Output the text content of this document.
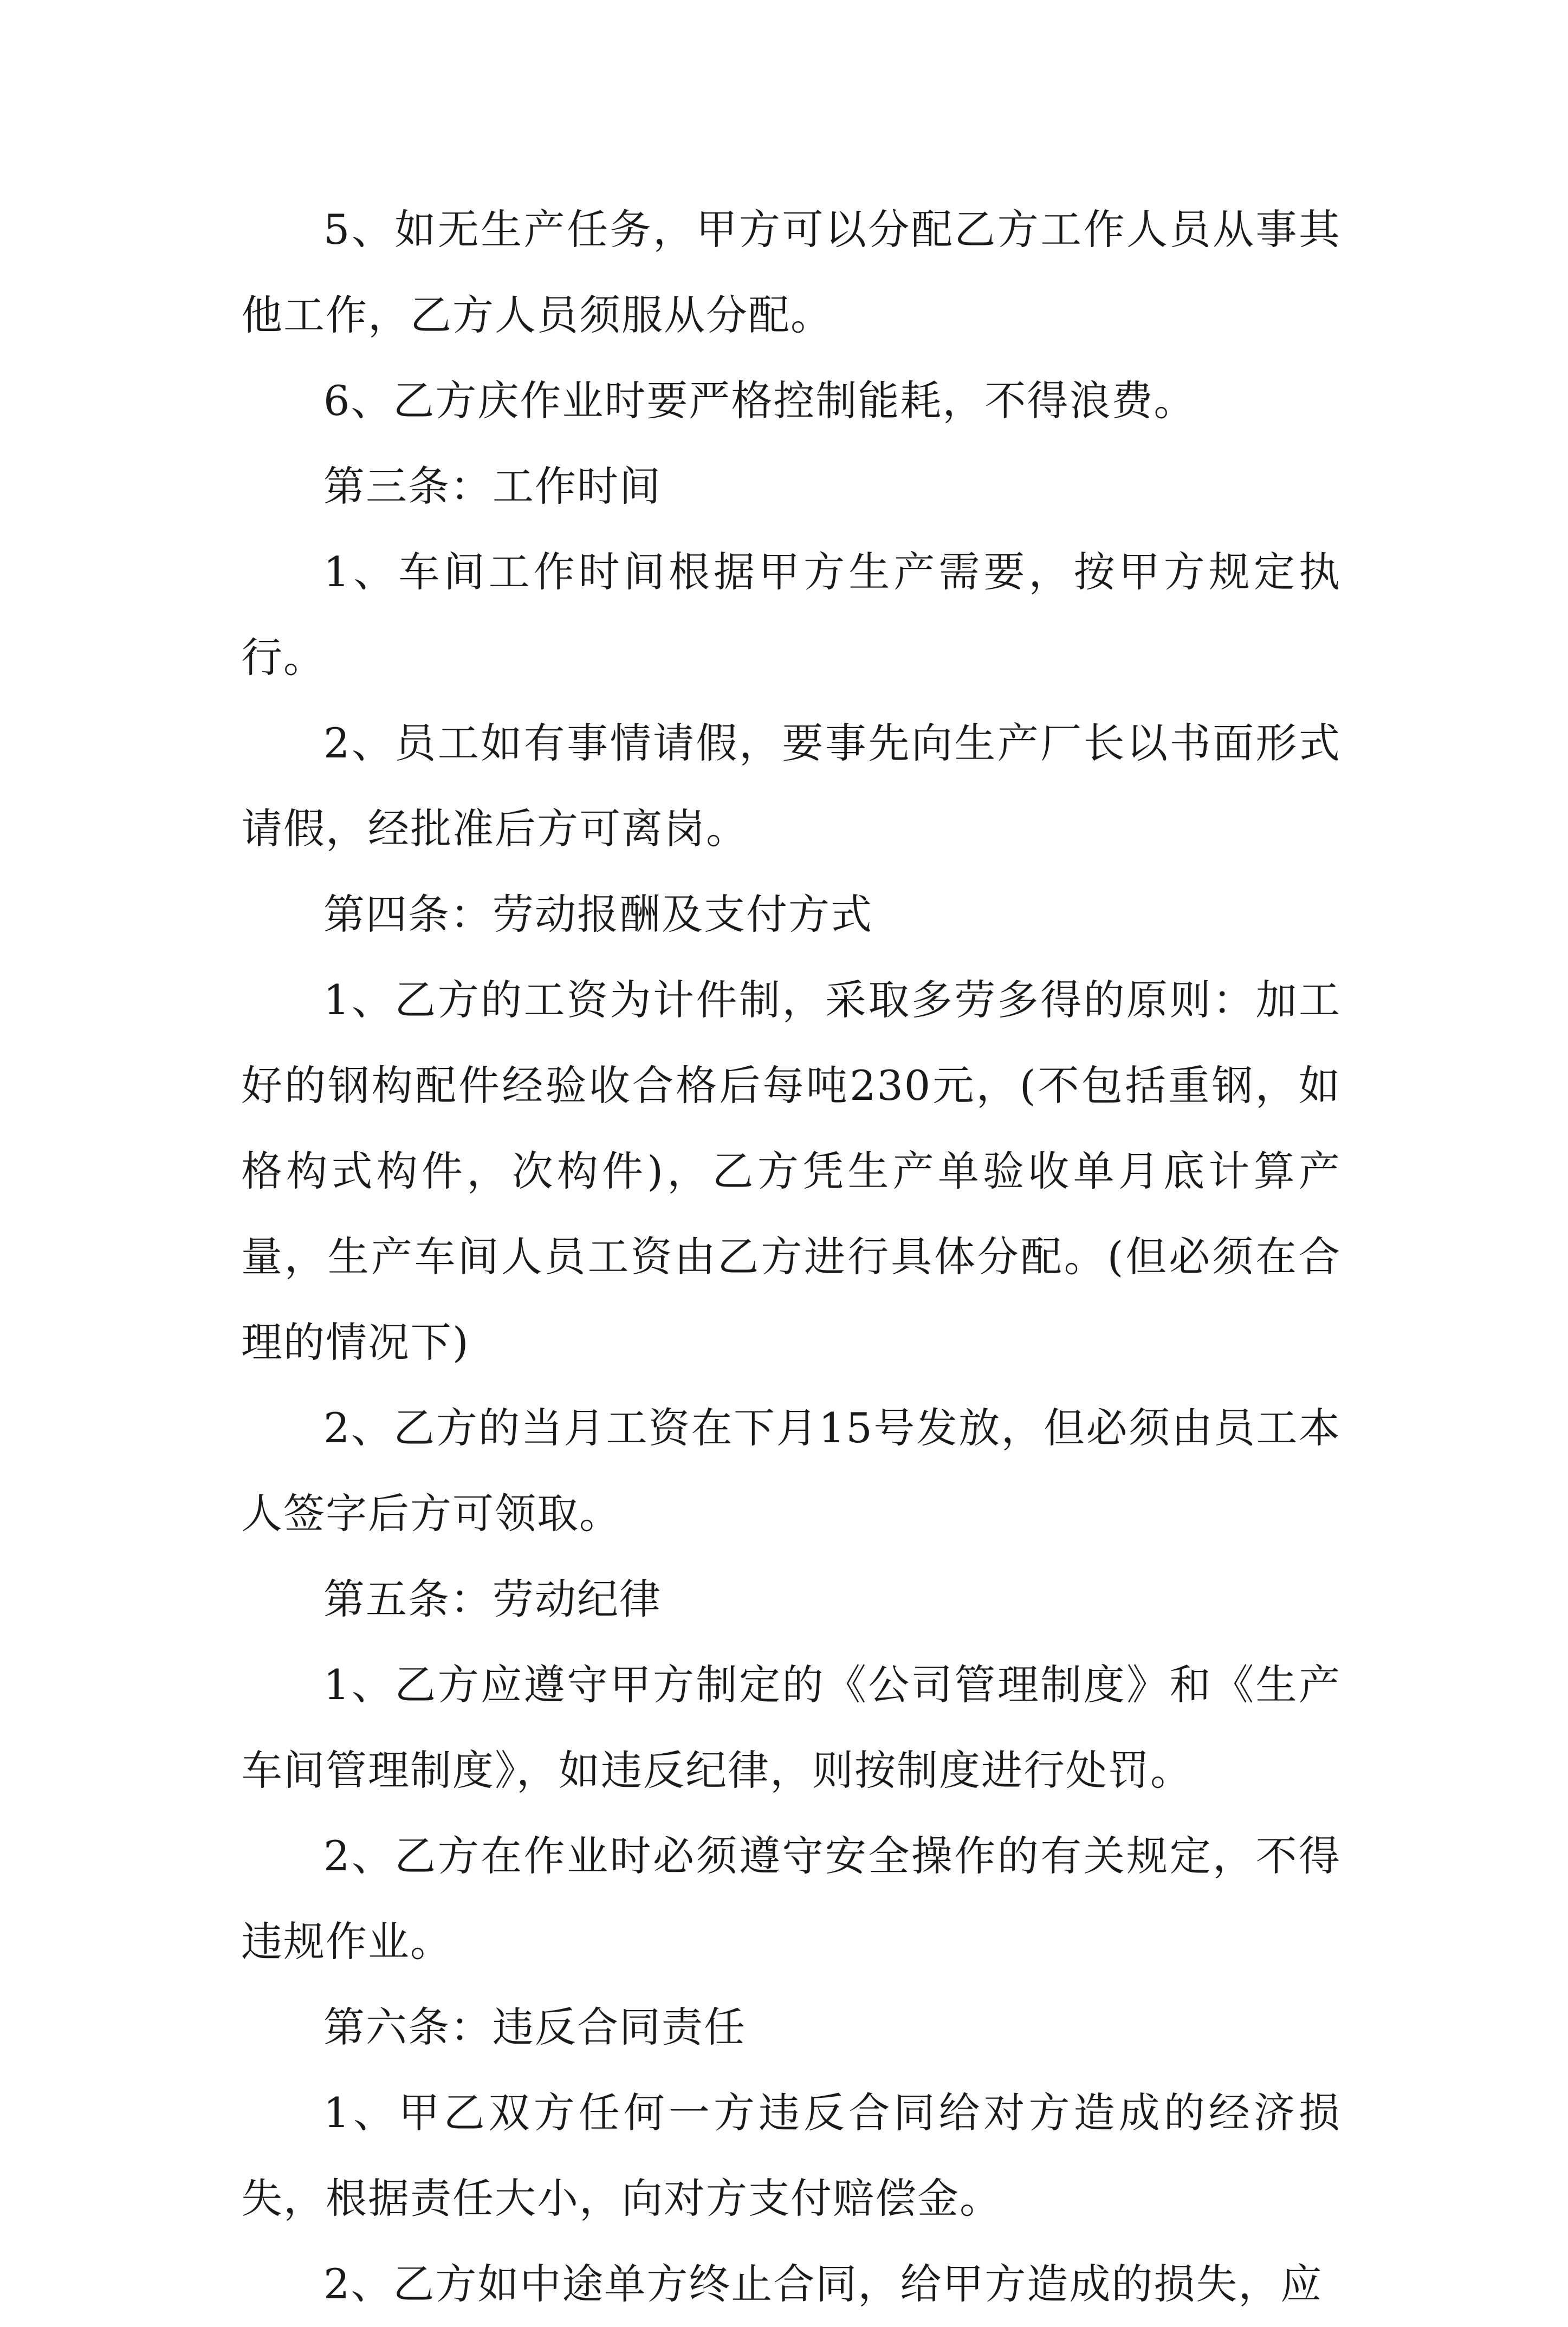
5、如无生产任务，甲方可以分配乙方工作人员从事其他工作，乙方人员须服从分配。

6、乙方庆作业时要严格控制能耗，不得浪费。

第三条：工作时间

1、车间工作时间根据甲方生产需要，按甲方规定执行。

2、员工如有事情请假，要事先向生产厂长以书面形式请假，经批准后方可离岗。

第四条：劳动报酬及支付方式

1、乙方的工资为计件制，采取多劳多得的原则：加工好的钢构配件经验收合格后每吨230元，(不包括重钢，如格构式构件，次构件)，乙方凭生产单验收单月底计算产量，生产车间人员工资由乙方进行具体分配。(但必须在合理的情况下)

2、乙方的当月工资在下月15号发放，但必须由员工本人签字后方可领取。

第五条：劳动纪律

1、乙方应遵守甲方制定的《公司管理制度》和《生产车间管理制度》，如违反纪律，则按制度进行处罚。

2、乙方在作业时必须遵守安全操作的有关规定，不得违规作业。

第六条：违反合同责任

1、甲乙双方任何一方违反合同给对方造成的经济损失，根据责任大小，向对方支付赔偿金。

2、乙方如中途单方终止合同，给甲方造成的损失，应
